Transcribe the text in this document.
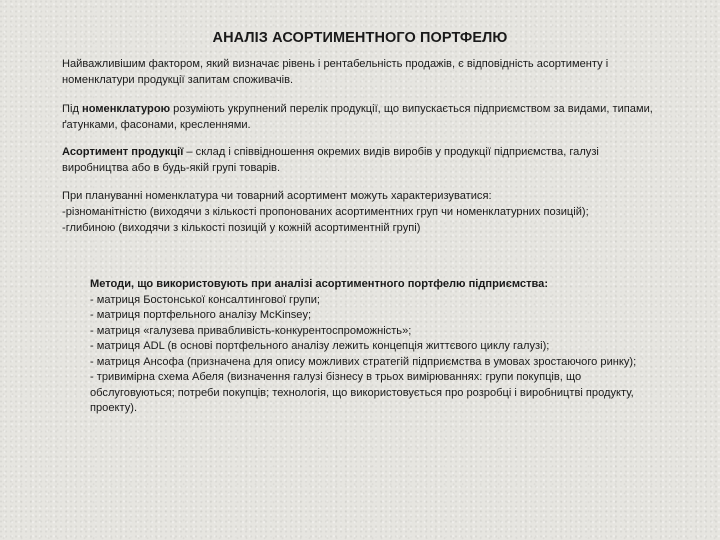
АНАЛІЗ АСОРТИМЕНТНОГО ПОРТФЕЛЮ
Найважливішим фактором, який визначає рівень і рентабельність продажів, є відповідність асортименту і номенклатури продукції запитам споживачів.
Під номенклатурою розуміють укрупнений перелік продукції, що випускається підприємством за видами, типами, ґатунками, фасонами, кресленнями.
Асортимент продукції – склад і співвідношення окремих видів виробів у продукції підприємства, галузі виробництва або в будь-якій групі товарів.
При плануванні номенклатура чи товарний асортимент можуть характеризуватися:
-різноманітністю (виходячи з кількості пропонованих асортиментних груп чи номенклатурних позицій);
-глибиною (виходячи з кількості позицій у кожній асортиментній групі)
Методи, що використовують при аналізі асортиментного портфелю підприємства:
- матриця Бостонської консалтингової групи;
- матриця портфельного аналізу McKinsey;
- матриця «галузева привабливість-конкурентоспроможність»;
- матриця ADL (в основі портфельного аналізу лежить концепція життєвого циклу галузі);
- матриця Ансофа (призначена для опису можливих стратегій підприємства в умовах зростаючого ринку);
- тривимірна схема Абеля (визначення галузі бізнесу в трьох вимірюваннях: групи покупців, що обслуговуються; потреби покупців; технологія, що використовується про розробці і виробництві продукту, проекту).
